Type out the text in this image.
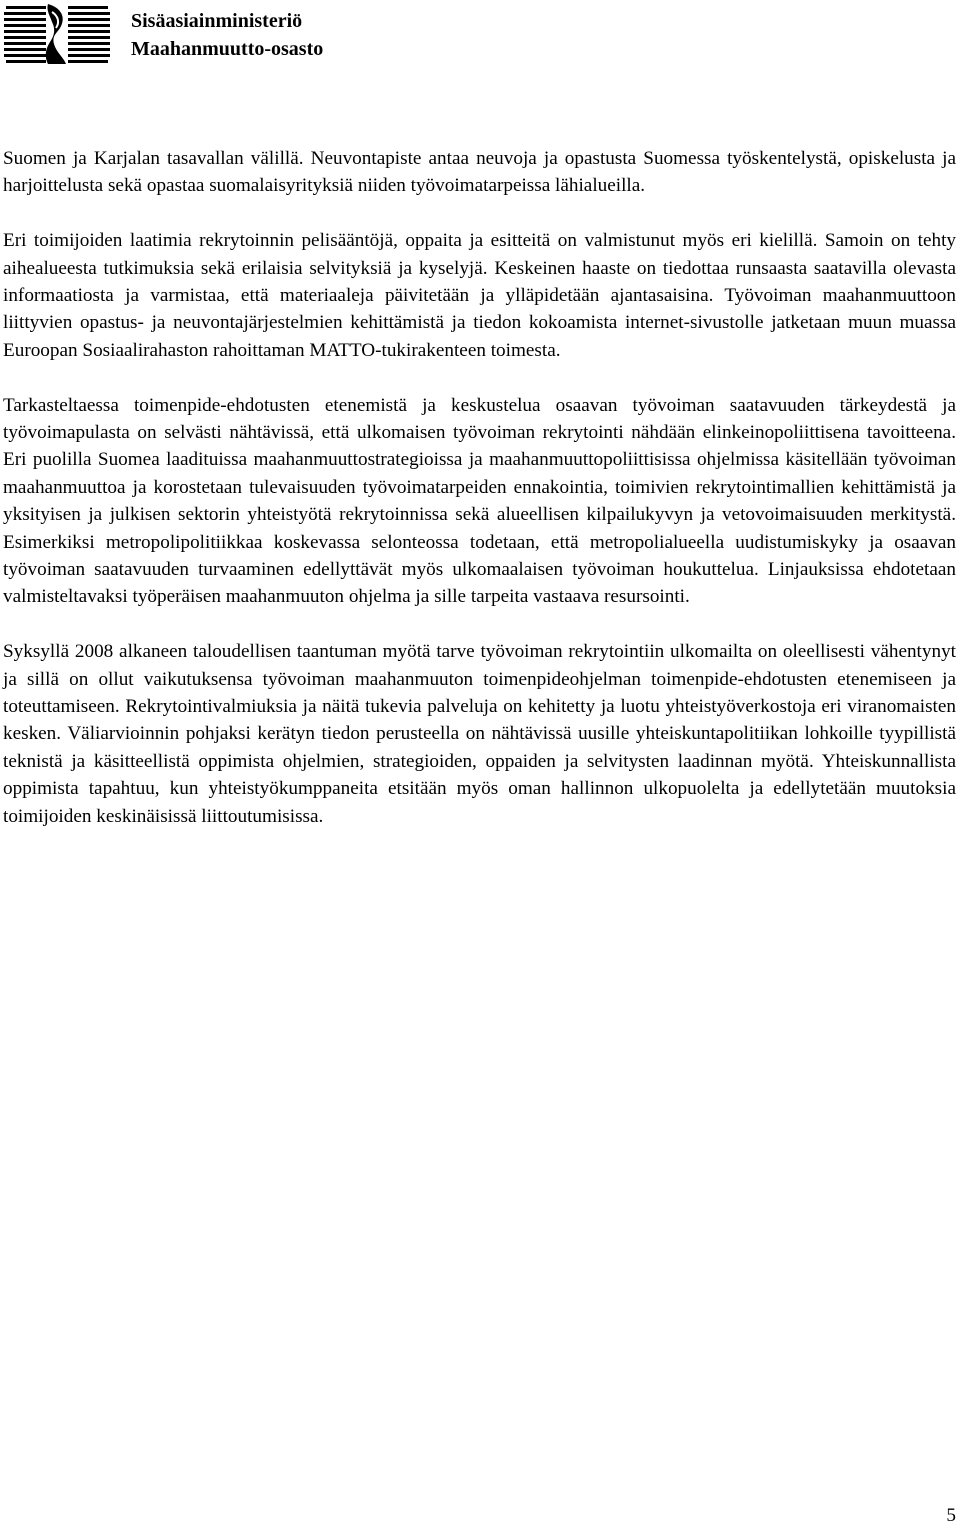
Sisäasiainministeriö
Maahanmuutto-osasto

Suomen ja Karjalan tasavallan välillä. Neuvontapiste antaa neuvoja ja opastusta Suomessa työskentelystä, opiskelusta ja harjoittelusta sekä opastaa suomalaisyrityksiä niiden työvoimatarpeissa lähialueilla.

Eri toimijoiden laatimia rekrytoinnin pelisääntöjä, oppaita ja esitteitä on valmistunut myös eri kielillä. Samoin on tehty aihealueesta tutkimuksia sekä erilaisia selvityksiä ja kyselyjä. Keskeinen haaste on tiedottaa runsaasta saatavilla olevasta informaatiosta ja varmistaa, että materiaaleja päivitetään ja ylläpidetään ajantasaisina. Työvoiman maahanmuuttoon liittyvien opastus- ja neuvontajärjestelmien kehittämistä ja tiedon kokoamista internet-sivustolle jatketaan muun muassa Euroopan Sosiaalirahaston rahoittaman MATTO-tukirakenteen toimesta.

Tarkasteltaessa toimenpide-ehdotusten etenemistä ja keskustelua osaavan työvoiman saatavuuden tärkeydestä ja työvoimapulasta on selvästi nähtävissä, että ulkomaisen työvoiman rekrytointi nähdään elinkeinopoliittisena tavoitteena. Eri puolilla Suomea laadituissa maahanmuuttostrategioissa ja maahanmuuttopoliittisissa ohjelmissa käsitellään työvoiman maahanmuuttoa ja korostetaan tulevaisuuden työvoimatarpeiden ennakointia, toimivien rekrytointimallien kehittämistä ja yksityisen ja julkisen sektorin yhteistyötä rekrytoinnissa sekä alueellisen kilpailukyvyn ja vetovoimaisuuden merkitystä. Esimerkiksi metropolipolitiikkaa koskevassa selonteossa todetaan, että metropolialueella uudistumiskyky ja osaavan työvoiman saatavuuden turvaaminen edellyttävät myös ulkomaalaisen työvoiman houkuttelua. Linjauksissa ehdotetaan valmisteltavaksi työperäisen maahanmuuton ohjelma ja sille tarpeita vastaava resursointi.

Syksyllä 2008 alkaneen taloudellisen taantuman myötä tarve työvoiman rekrytointiin ulkomailta on oleellisesti vähentynyt ja sillä on ollut vaikutuksensa työvoiman maahanmuuton toimenpideohjelman toimenpide-ehdotusten etenemiseen ja toteuttamiseen. Rekrytointivalmiuksia ja näitä tukevia palveluja on kehitetty ja luotu yhteistyöverkostoja eri viranomaisten kesken. Väliarvioinnin pohjaksi kerätyn tiedon perusteella on nähtävissä uusille yhteiskuntapolitiikan lohkoille tyypillistä teknistä ja käsitteellistä oppimista ohjelmien, strategioiden, oppaiden ja selvitysten laadinnan myötä. Yhteiskunnallista oppimista tapahtuu, kun yhteistyökumppaneita etsitään myös oman hallinnon ulkopuolelta ja edellytetään muutoksia toimijoiden keskinäisissä liittoutumisissa.

5
